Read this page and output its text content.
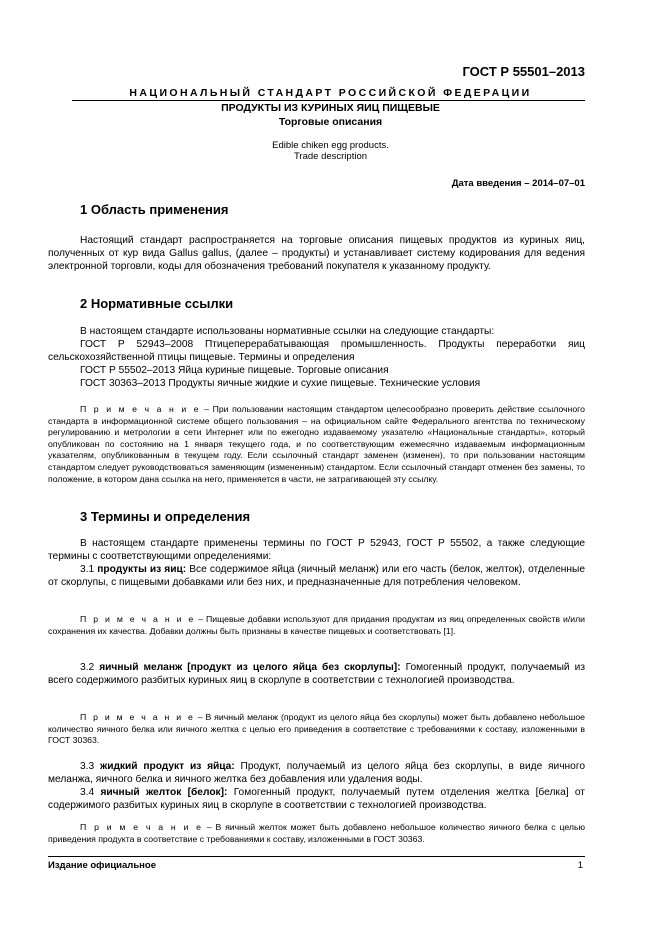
ГОСТ Р 55501–2013
НАЦИОНАЛЬНЫЙ СТАНДАРТ РОССИЙСКОЙ ФЕДЕРАЦИИ
ПРОДУКТЫ ИЗ КУРИНЫХ ЯИЦ ПИЩЕВЫЕ
Торговые описания
Edible chiken egg products.
Trade description
Дата введения – 2014–07–01
1 Область применения
Настоящий стандарт распространяется на торговые описания пищевых продуктов из куриных яиц, полученных от кур вида Gallus gallus, (далее – продукты) и устанавливает систему кодирования для ведения электронной торговли, коды для обозначения требований покупателя к указанному продукту.
2 Нормативные ссылки
В настоящем стандарте использованы нормативные ссылки на следующие стандарты:
ГОСТ Р 52943–2008 Птицеперерабатывающая промышленность. Продукты переработки яиц сельскохозяйственной птицы пищевые. Термины и определения
ГОСТ Р 55502–2013 Яйца куриные пищевые. Торговые описания
ГОСТ 30363–2013 Продукты яичные жидкие и сухие пищевые. Технические условия
П р и м е ч а н и е – При пользовании настоящим стандартом целесообразно проверить действие ссылочного стандарта в информационной системе общего пользования – на официальном сайте Федерального агентства по техническому регулированию и метрологии в сети Интернет или по ежегодно издаваемому указателю «Национальные стандарты», который опубликован по состоянию на 1 января текущего года, и по соответствующим ежемесячно издаваемым информационным указателям, опубликованным в текущем году. Если ссылочный стандарт заменен (изменен), то при пользовании настоящим стандартом следует руководствоваться заменяющим (измененным) стандартом. Если ссылочный стандарт отменен без замены, то положение, в котором дана ссылка на него, применяется в части, не затрагивающей эту ссылку.
3 Термины и определения
В настоящем стандарте применены термины по ГОСТ Р 52943, ГОСТ Р 55502, а также следующие термины с соответствующими определениями:
3.1 продукты из яиц: Все содержимое яйца (яичный меланж) или его часть (белок, желток), отделенные от скорлупы, с пищевыми добавками или без них, и предназначенные для потребления человеком.
П р и м е ч а н и е – Пищевые добавки используют для придания продуктам из яиц определенных свойств и/или сохранения их качества. Добавки должны быть признаны в качестве пищевых и соответствовать [1].
3.2 яичный меланж [продукт из целого яйца без скорлупы]: Гомогенный продукт, получаемый из всего содержимого разбитых куриных яиц в скорлупе в соответствии с технологией производства.
П р и м е ч а н и е – В яичный меланж (продукт из целого яйца без скорлупы) может быть добавлено небольшое количество яичного белка или яичного желтка с целью его приведения в соответствие с требованиями к составу, изложенными в ГОСТ 30363.
3.3 жидкий продукт из яйца: Продукт, получаемый из целого яйца без скорлупы, в виде яичного меланжа, яичного белка и яичного желтка без добавления или удаления воды.
3.4 яичный желток [белок]: Гомогенный продукт, получаемый путем отделения желтка [белка] от содержимого разбитых куриных яиц в скорлупе в соответствии с технологией производства.
П р и м е ч а н и е – В яичный желток может быть добавлено небольшое количество яичного белка с целью приведения продукта в соответствие с требованиями к составу, изложенными в ГОСТ 30363.
Издание официальное	1
